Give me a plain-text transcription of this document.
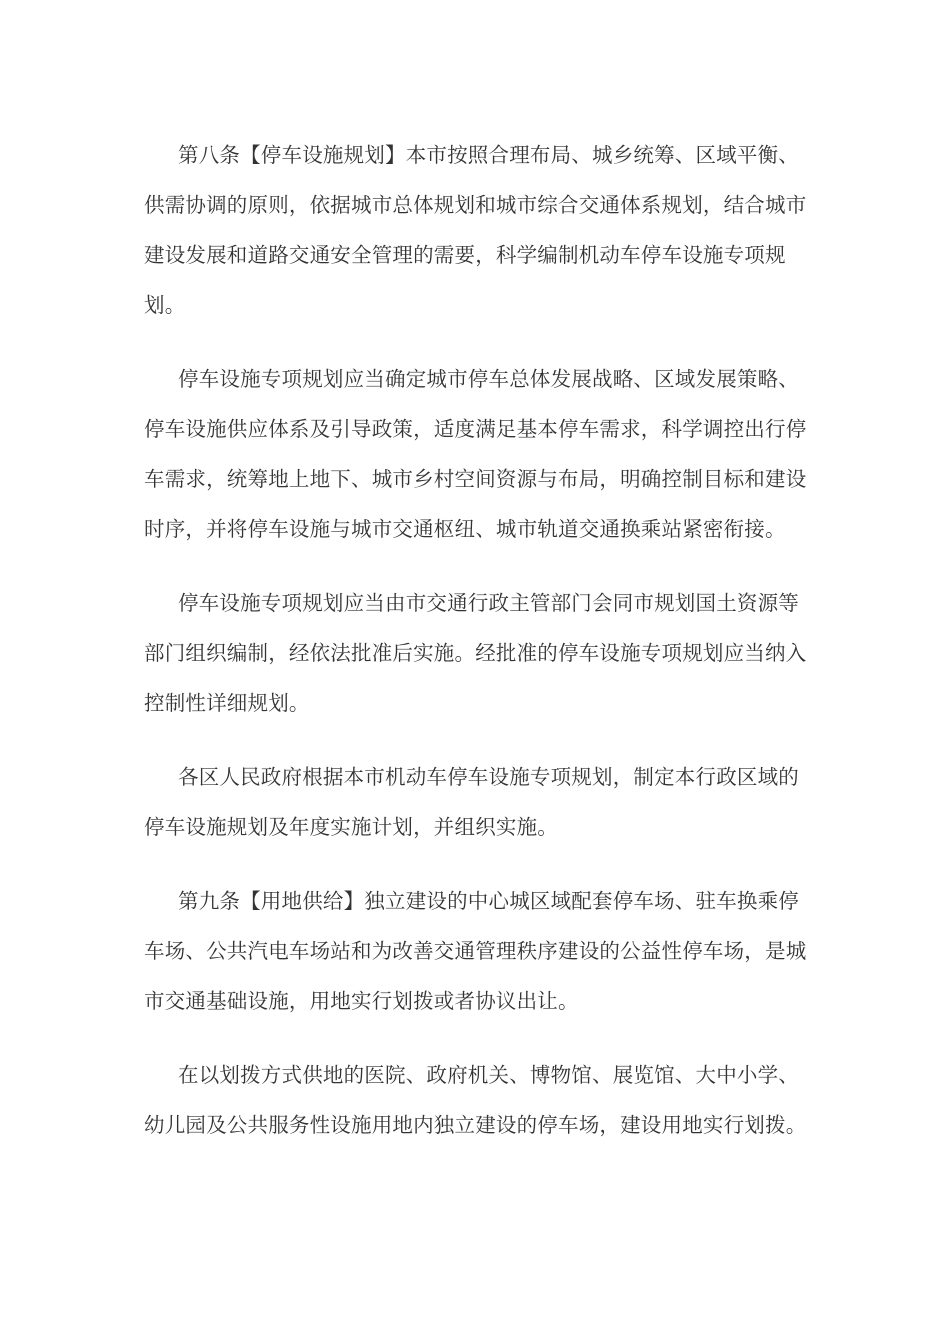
第八条【停车设施规划】本市按照合理布局、城乡统筹、区域平衡、供需协调的原则，依据城市总体规划和城市综合交通体系规划，结合城市建设发展和道路交通安全管理的需要，科学编制机动车停车设施专项规划。

停车设施专项规划应当确定城市停车总体发展战略、区域发展策略、停车设施供应体系及引导政策，适度满足基本停车需求，科学调控出行停车需求，统筹地上地下、城市乡村空间资源与布局，明确控制目标和建设时序，并将停车设施与城市交通枢纽、城市轨道交通换乘站紧密衔接。

停车设施专项规划应当由市交通行政主管部门会同市规划国土资源等部门组织编制，经依法批准后实施。经批准的停车设施专项规划应当纳入控制性详细规划。

各区人民政府根据本市机动车停车设施专项规划，制定本行政区域的停车设施规划及年度实施计划，并组织实施。

第九条【用地供给】独立建设的中心城区域配套停车场、驻车换乘停车场、公共汽电车场站和为改善交通管理秩序建设的公益性停车场，是城市交通基础设施，用地实行划拨或者协议出让。

在以划拨方式供地的医院、政府机关、博物馆、展览馆、大中小学、幼儿园及公共服务性设施用地内独立建设的停车场，建设用地实行划拨。
